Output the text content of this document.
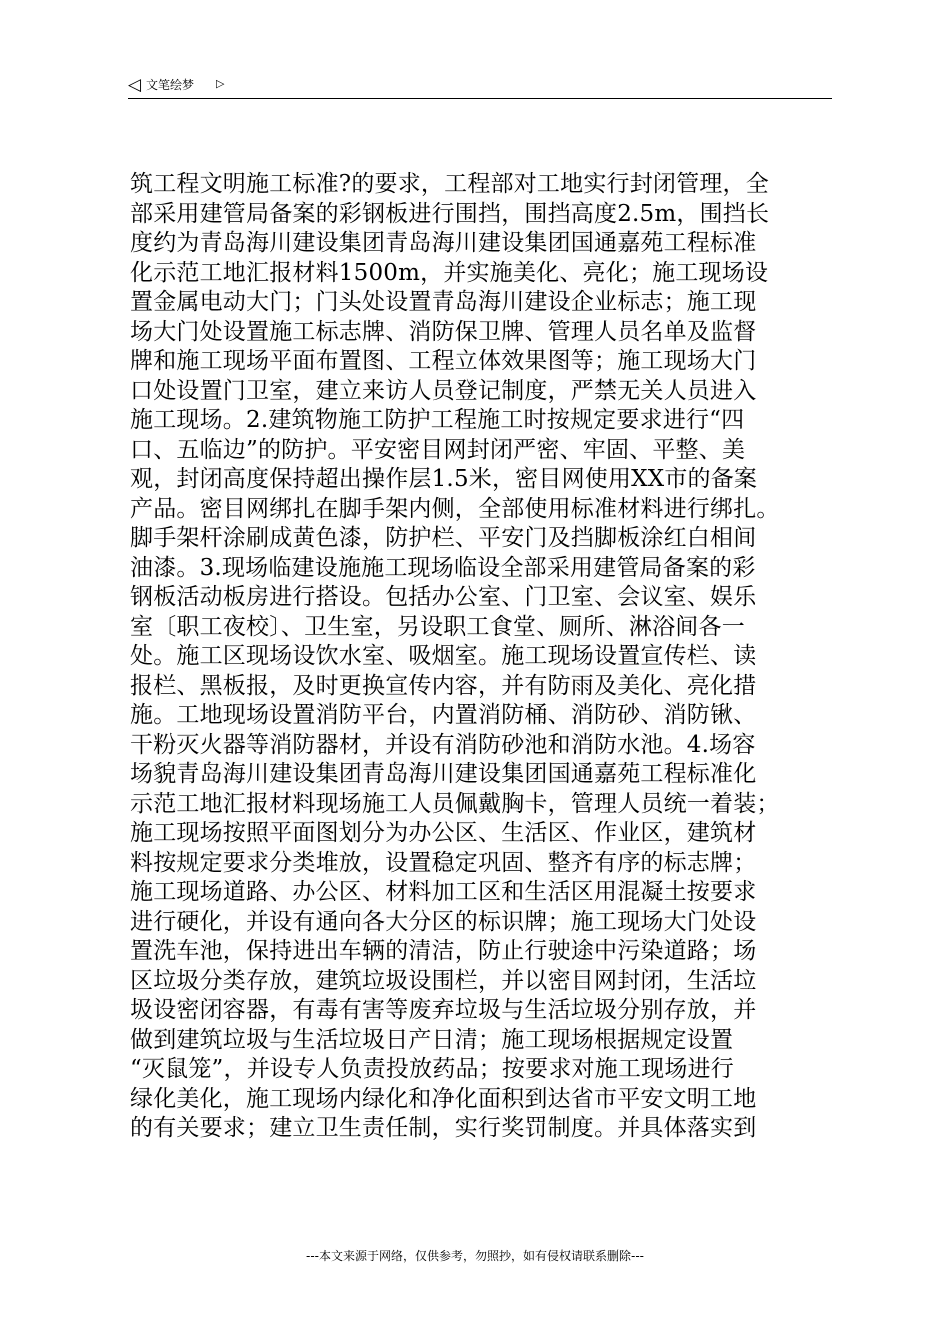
◁ 文笔绘梦 ▷
筑工程文明施工标准?的要求，工程部对工地实行封闭管理，全
部采用建管局备案的彩钢板进行围挡，围挡高度2.5m，围挡长
度约为青岛海川建设集团青岛海川建设集团国通嘉苑工程标准
化示范工地汇报材料1500m，并实施美化、亮化；施工现场设
置金属电动大门；门头处设置青岛海川建设企业标志；施工现
场大门处设置施工标志牌、消防保卫牌、管理人员名单及监督
牌和施工现场平面布置图、工程立体效果图等；施工现场大门
口处设置门卫室，建立来访人员登记制度，严禁无关人员进入
施工现场。2.建筑物施工防护工程施工时按规定要求进行“四
口、五临边”的防护。平安密目网封闭严密、牢固、平整、美
观，封闭高度保持超出操作层1.5米，密目网使用XX市的备案
产品。密目网绑扎在脚手架内侧，全部使用标准材料进行绑扎。
脚手架杆涂刷成黄色漆，防护栏、平安门及挡脚板涂红白相间
油漆。3.现场临建设施施工现场临设全部采用建管局备案的彩
钢板活动板房进行搭设。包括办公室、门卫室、会议室、娱乐
室〔职工夜校〕、卫生室，另设职工食堂、厕所、淋浴间各一
处。施工区现场设饮水室、吸烟室。施工现场设置宣传栏、读
报栏、黑板报，及时更换宣传内容，并有防雨及美化、亮化措
施。工地现场设置消防平台，内置消防桶、消防砂、消防锹、
干粉灭火器等消防器材，并设有消防砂池和消防水池。4.场容
场貌青岛海川建设集团青岛海川建设集团国通嘉苑工程标准化
示范工地汇报材料现场施工人员佩戴胸卡，管理人员统一着装；
施工现场按照平面图划分为办公区、生活区、作业区，建筑材
料按规定要求分类堆放，设置稳定巩固、整齐有序的标志牌；
施工现场道路、办公区、材料加工区和生活区用混凝土按要求
进行硬化，并设有通向各大分区的标识牌；施工现场大门处设
置洗车池，保持进出车辆的清洁，防止行驶途中污染道路；场
区垃圾分类存放，建筑垃圾设围栏，并以密目网封闭，生活垃
圾设密闭容器，有毒有害等废弃垃圾与生活垃圾分别存放，并
做到建筑垃圾与生活垃圾日产日清；施工现场根据规定设置
“灭鼠笼”，并设专人负责投放药品；按要求对施工现场进行
绿化美化，施工现场内绿化和净化面积到达省市平安文明工地
的有关要求；建立卫生责任制，实行奖罚制度。并具体落实到
---本文来源于网络，仅供参考，勿照抄，如有侵权请联系删除---
